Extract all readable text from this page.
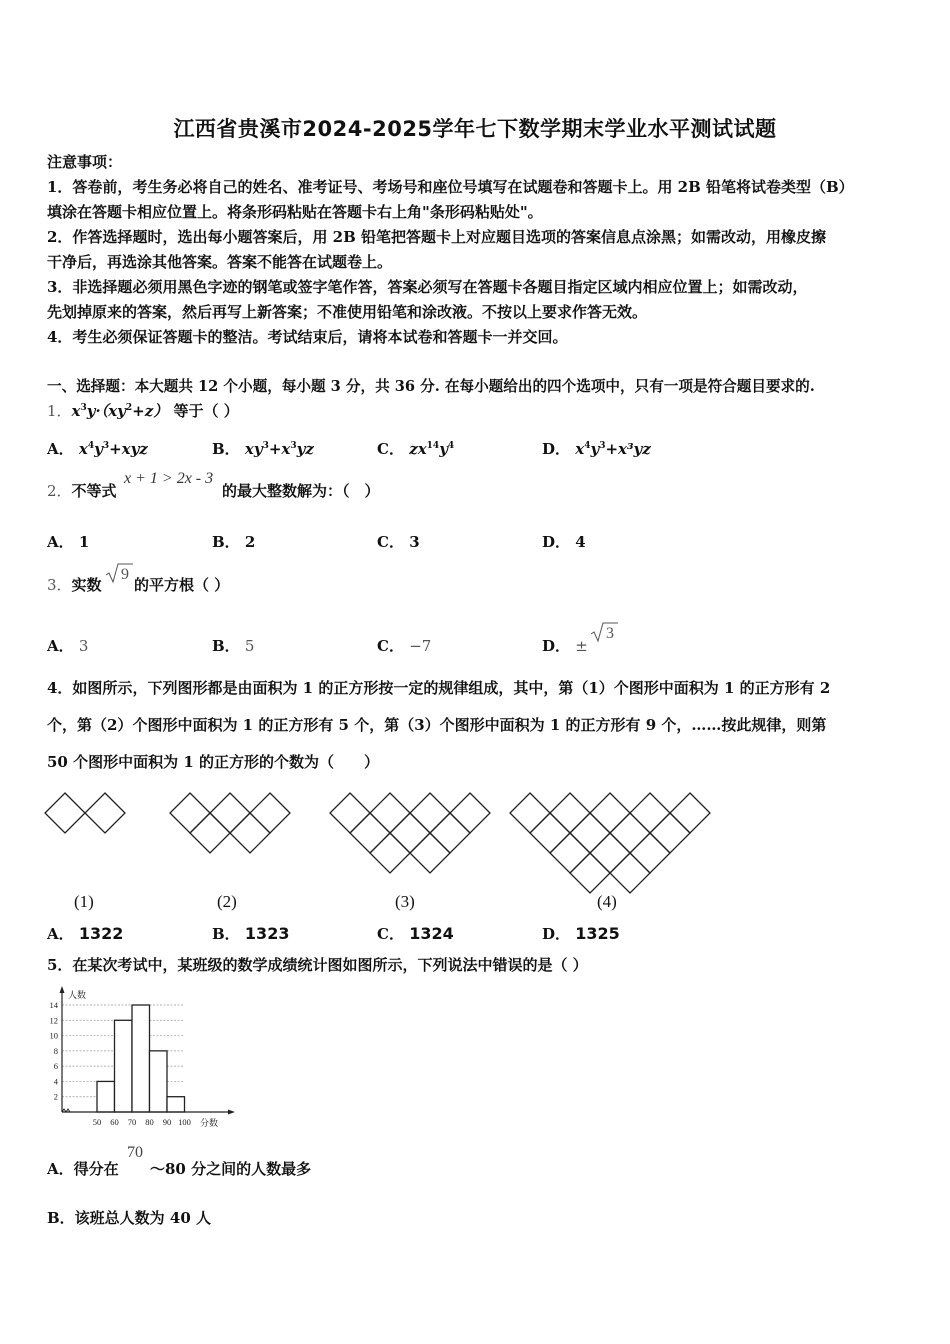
江西省贵溪市2024-2025学年七下数学期末学业水平测试试题
注意事项：
1．答卷前，考生务必将自己的姓名、准考证号、考场号和座位号填写在试题卷和答题卡上。用 2B 铅笔将试卷类型（B）
填涂在答题卡相应位置上。将条形码粘贴在答题卡右上角"条形码粘贴处"。
2．作答选择题时，选出每小题答案后，用 2B 铅笔把答题卡上对应题目选项的答案信息点涂黑；如需改动，用橡皮擦
干净后，再选涂其他答案。答案不能答在试题卷上。
3．非选择题必须用黑色字迹的钢笔或签字笔作答，答案必须写在答题卡各题目指定区域内相应位置上；如需改动，
先划掉原来的答案，然后再写上新答案；不准使用铅笔和涂改液。不按以上要求作答无效。
4．考生必须保证答题卡的整洁。考试结束后，请将本试卷和答题卡一并交回。
一、选择题：本大题共 12 个小题，每小题 3 分，共 36 分. 在每小题给出的四个选项中，只有一项是符合题目要求的.
1．$x^3y\cdot(xy^2+z)$ 等于（ ）
A． $x^4y^3+xyz$	B． $xy^3+x^3yz$	C． $zx^{14}y^4$	D． $x^4y^3+x^3yz$
2．不等式
x + 1 > 2x - 3
的最大整数解为：（　）
A． 1	B． 2	C． 3	D． 4
3．实数
9
的平方根（ ）
A． 3	B． 5	C． −7	D． ±
3
4．如图所示，下列图形都是由面积为 1 的正方形按一定的规律组成，其中，第（1）个图形中面积为 1 的正方形有 2
个，第（2）个图形中面积为 1 的正方形有 5 个，第（3）个图形中面积为 1 的正方形有 9 个，……按此规律，则第
50 个图形中面积为 1 的正方形的个数为（　　）
(1)	(2)	(3)	(4)
A． 1322	B． 1323	C． 1324	D． 1325
5．在某次考试中，某班级的数学成绩统计图如图所示，下列说法中错误的是（ ）
人数
分数
2
4
6
8
10
12
14
50 60 70 80 90 100
A．得分在
70
～80 分之间的人数最多
B．该班总人数为 40 人
